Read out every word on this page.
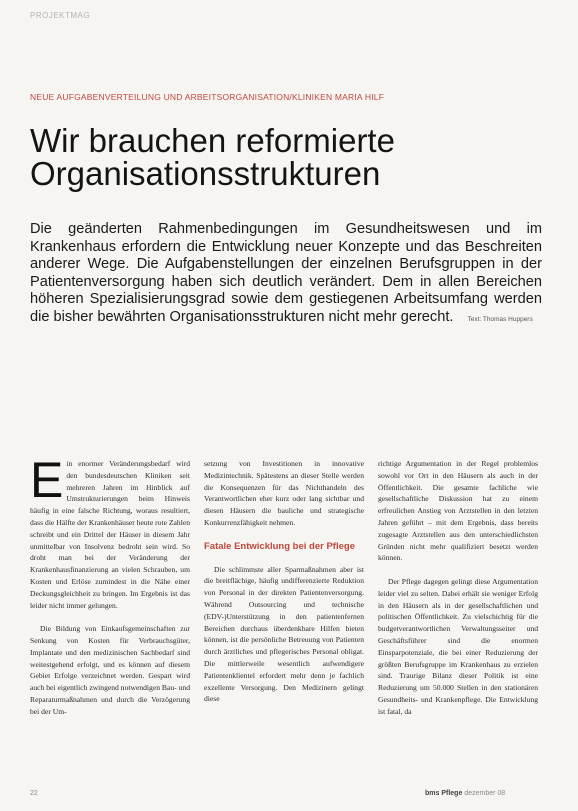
PROJEKTMAG
NEUE AUFGABENVERTEILUNG UND ARBEITSORGANISATION/KLINIKEN MARIA HILF
Wir brauchen reformierte Organisationsstrukturen

Die geänderten Rahmenbedingungen im Gesundheitswesen und im Krankenhaus erfordern die Entwicklung neuer Konzepte und das Beschreiten anderer Wege. Die Aufgabenstellungen der einzelnen Berufsgruppen in der Patientenversorgung haben sich deutlich verändert. Dem in allen Bereichen höheren Spezialisierungsgrad sowie dem gestiegenen Arbeitsumfang werden die bisher bewährten Organisationsstrukturen nicht mehr gerecht. Text: Thomas Huppers

Ein enormer Veränderungsbedarf wird den bundesdeutschen Kliniken seit mehreren Jahren im Hinblick auf Umstrukturierungen beim Hinweis häufig in eine falsche Richtung, woraus resultiert, dass die Hälfte der Krankenhäuser heute rote Zahlen schreibt und ein Drittel der Häuser in diesem Jahr unmittelbar von Insolvenz bedroht sein wird. So droht man bei der Veränderung der Krankenhausfinanzierung an vielen Schrauben, um Kosten und Erlöse zumindest in die Nähe einer Deckungsgleichheit zu bringen. Im Ergebnis ist das leider nicht immer gelungen.

Die Bildung von Einkaufsgemeinschaften zur Senkung von Kosten für Verbrauchsgüter, Implantate und den medizinischen Sachbedarf sind weitestgehend erfolgt, und es können auf diesem Gebiet Erfolge verzeichnet werden. Gespart wird auch bei eigentlich zwingend notwendigen Bau- und Reparaturmaßnahmen und durch die Verzögerung bei der Um-

setzung von Investitionen in innovative Medizintechnik. Spätestens an dieser Stelle werden die Konsequenzen für das Nichthandeln des Verantwortlichen eher kurz oder lang sichtbar und diesen Häusern die bauliche und strategische Konkurrenzfähigkeit nehmen.

Fatale Entwicklung bei der Pflege

Die schlimmste aller Sparmaßnahmen aber ist die breitflächige, häufig undifferenzierte Reduktion von Personal in der direkten Patientenversorgung. Während Outsourcing und technische (EDV-)Unterstützung in den patientenfernen Bereichen durchaus überdenkbare Hilfen bieten können, ist die persönliche Betreuung von Patienten durch ärztliches und pflegerisches Personal obligat. Die mittlerweile wesentlich aufwendigere Patientenklientel erfordert mehr denn je fachlich exzellente Versorgung. Den Medizinern gelingt diese

richtige Argumentation in der Regel problemlos sowohl vor Ort in den Häusern als auch in der Öffentlichkeit. Die gesamte fachliche wie gesellschaftliche Diskussion hat zu einem erfreulichen Anstieg von Arztstellen in den letzten Jahren geführt – mit dem Ergebnis, dass bereits zugesagte Arztstellen aus den unterschiedlichsten Gründen nicht mehr qualifiziert besetzt werden können.

Der Pflege dagegen gelingt diese Argumentation leider viel zu selten. Dabei erhält sie weniger Erfolg in den Häusern als in der gesellschaftlichen und politischen Öffentlichkeit. Zu vielschichtig für die budgetverantwortlichen Verwaltungsseiter und Geschäftsführer sind die enormen Einsparpotenziale, die bei einer Reduzierung der größten Berufsgruppe im Krankenhaus zu erzielen sind. Traurige Bilanz dieser Politik ist eine Reduzierung um 50.000 Stellen in den stationären Gesundheits- und Krankenpflege. Die Entwicklung ist fatal, da

22	bms Pflege dezember 08
